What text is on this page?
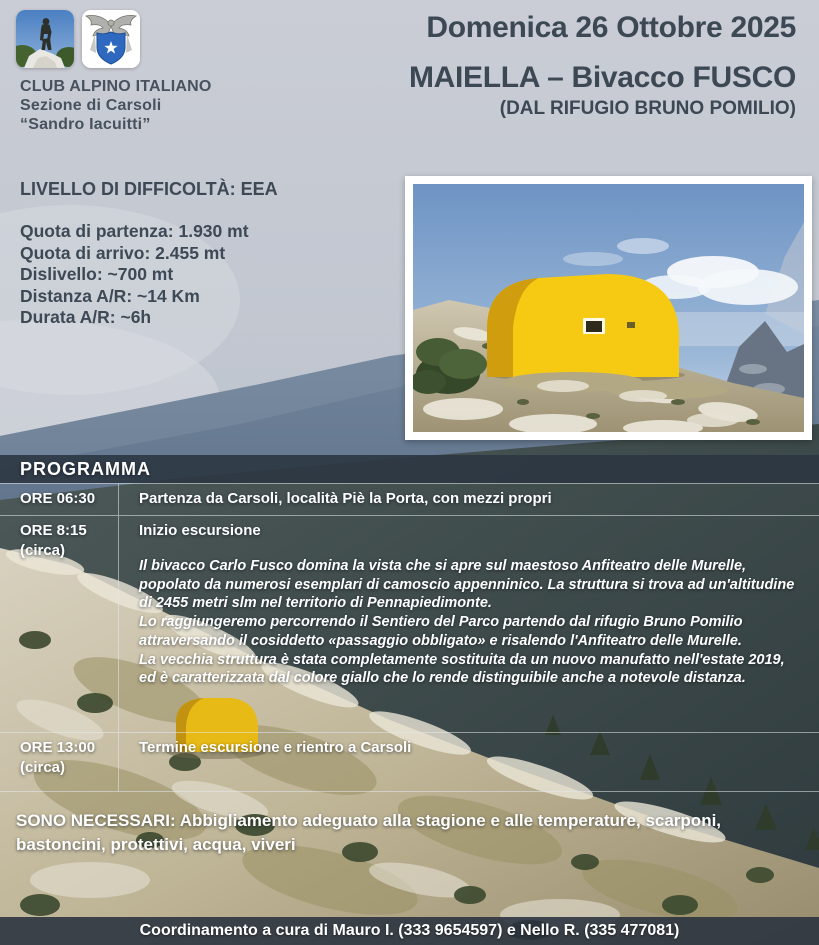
CLUB ALPINO ITALIANO
Sezione di Carsoli
“Sandro Iacuitti”
Domenica 26 Ottobre 2025
MAIELLA – Bivacco FUSCO
(DAL RIFUGIO BRUNO POMILIO)
LIVELLO DI DIFFICOLTÀ: EEA
Quota di partenza: 1.930 mt
Quota di arrivo: 2.455 mt
Dislivello: ~700 mt
Distanza A/R: ~14 Km
Durata A/R: ~6h
PROGRAMMA
ORE 06:30	Partenza da Carsoli, località Piè la Porta, con mezzi propri
ORE 8:15
(circa)
Inizio escursione

Il bivacco Carlo Fusco domina la vista che si apre sul maestoso Anfiteatro delle Murelle, popolato da numerosi esemplari di camoscio appenninico. La struttura si trova ad un'altitudine di 2455 metri slm nel territorio di Pennapiedimonte.

Lo raggiungeremo percorrendo il Sentiero del Parco partendo dal rifugio Bruno Pomilio attraversando il cosiddetto «passaggio obbligato» e risalendo l'Anfiteatro delle Murelle.

La vecchia struttura è stata completamente sostituita da un nuovo manufatto nell'estate 2019, ed è caratterizzata dal colore giallo che lo rende distinguibile anche a notevole distanza.

ORE 13:00
(circa)
Termine escursione e rientro a Carsoli

SONO NECESSARI: Abbigliamento adeguato alla stagione e alle temperature, scarponi, bastoncini, protettivi, acqua, viveri

Coordinamento a cura di Mauro I. (333 9654597) e Nello R. (335 477081)
